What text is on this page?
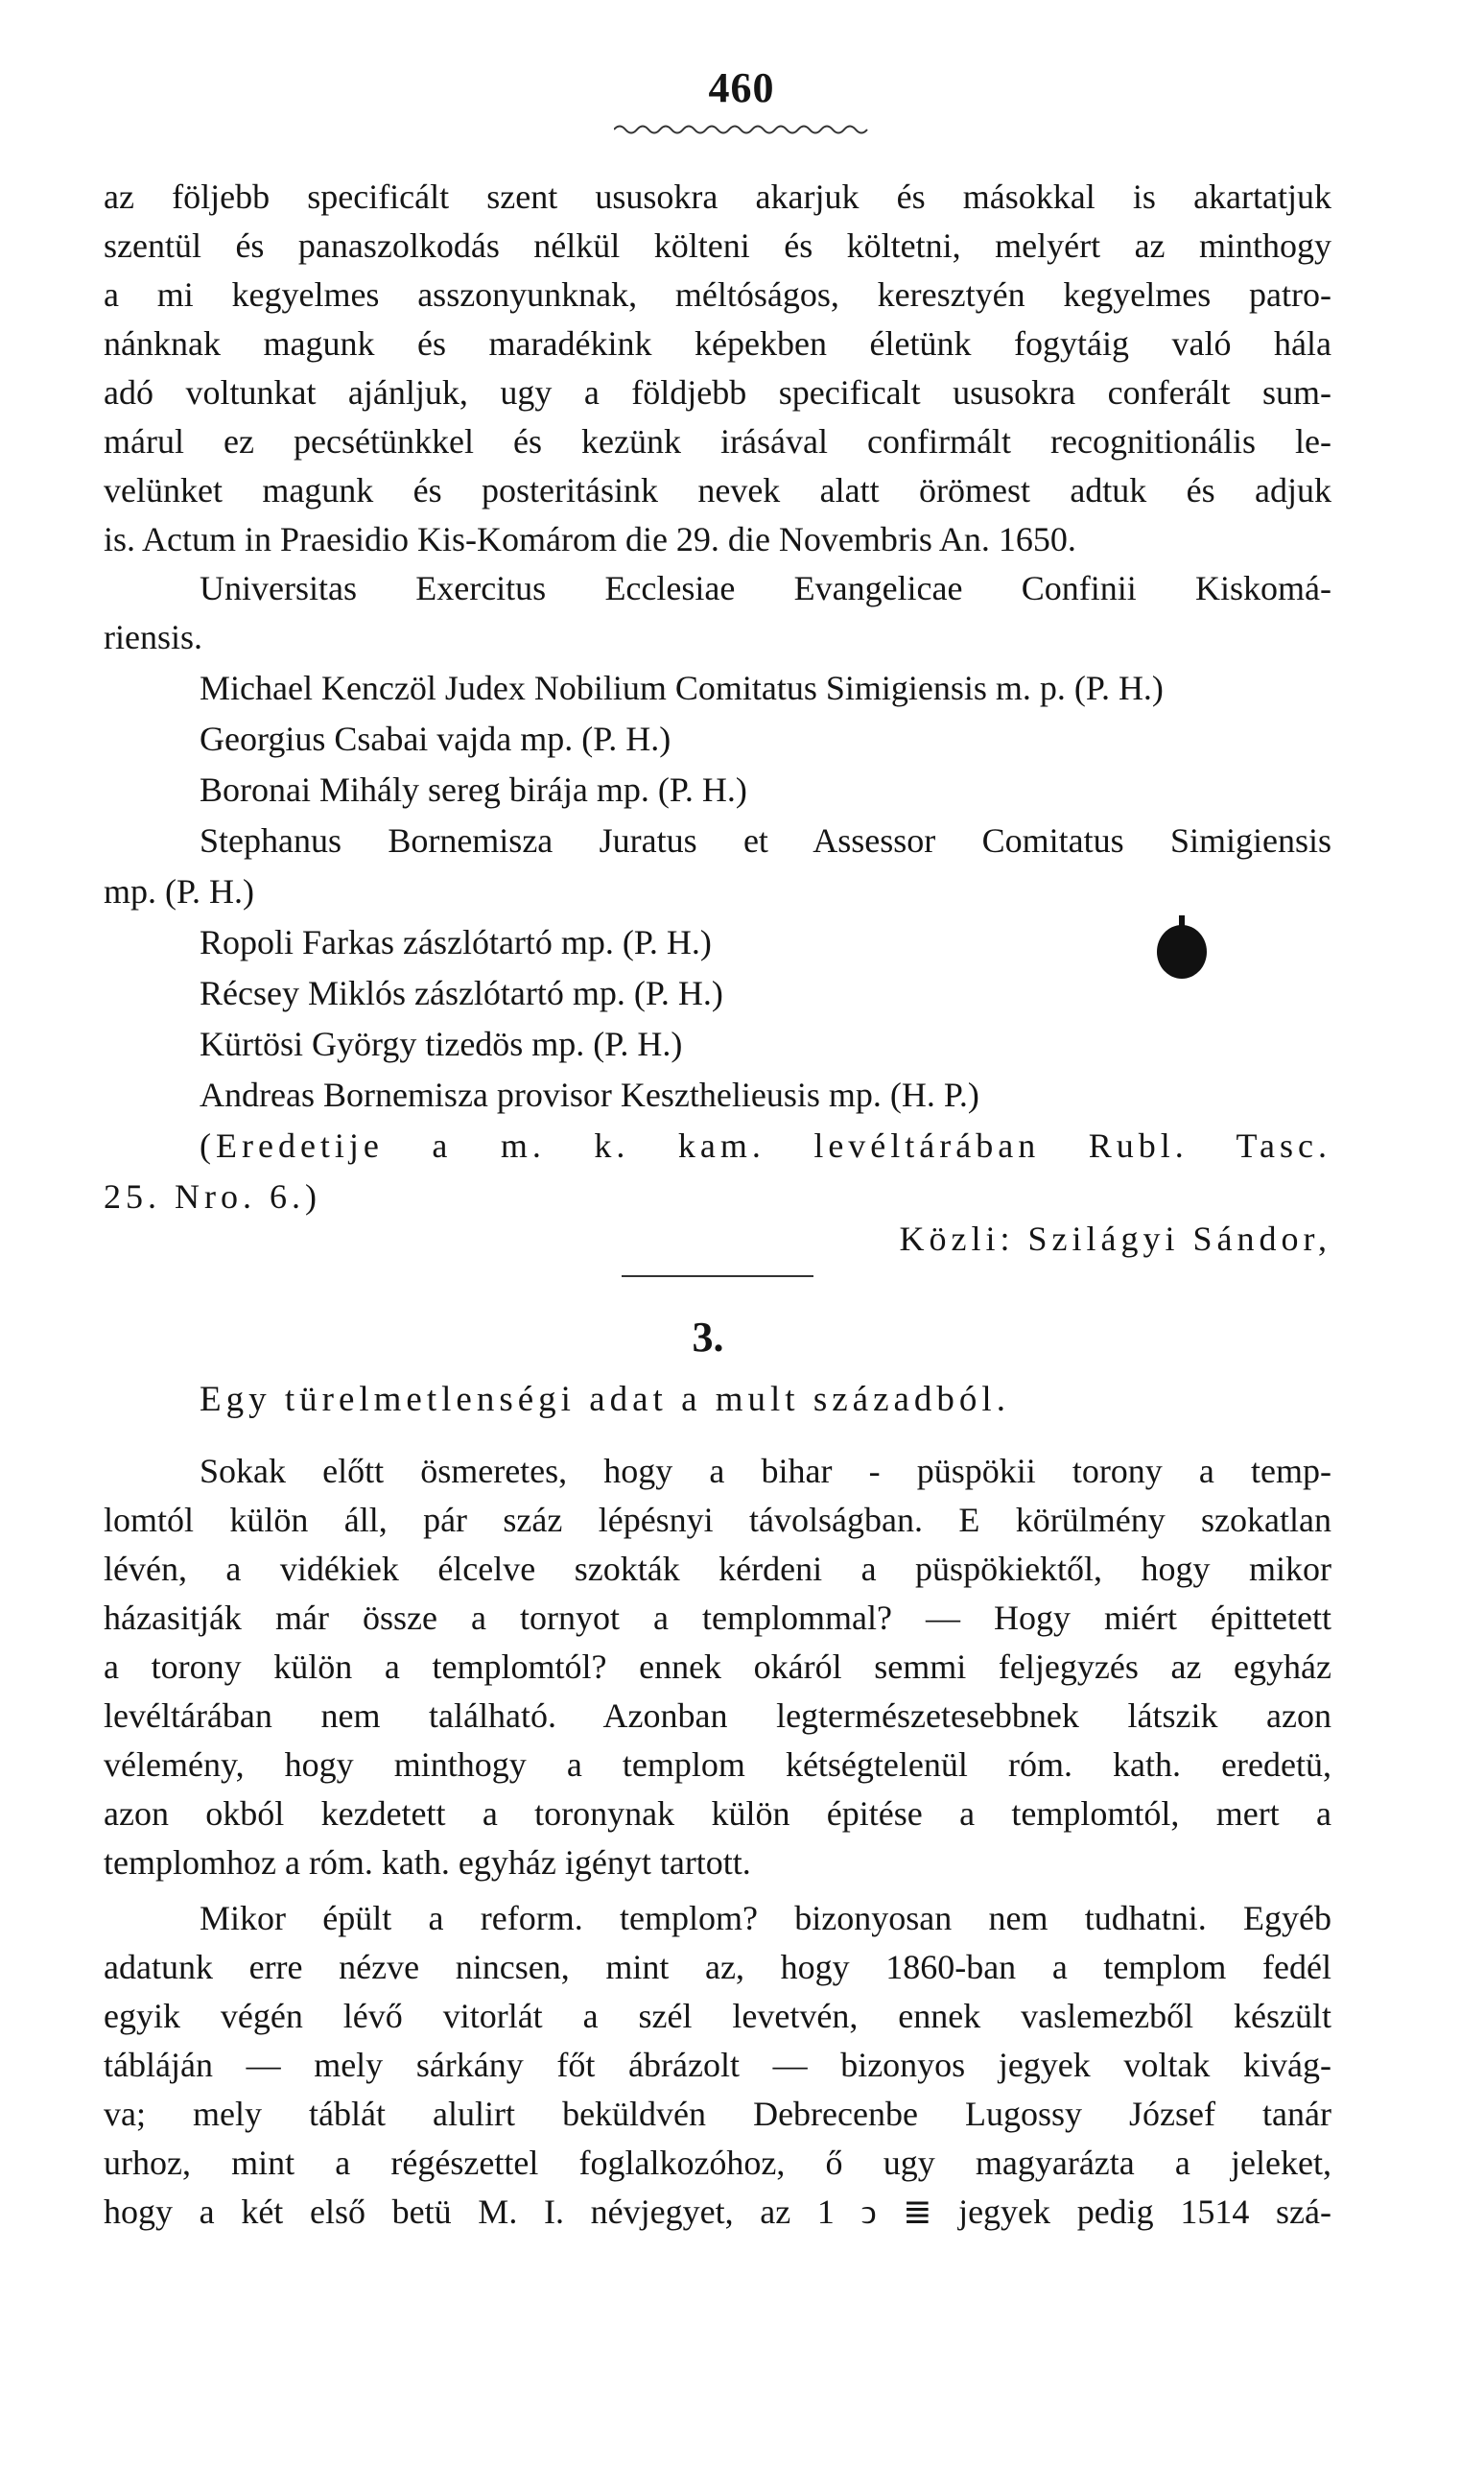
460
az följebb specificált szent ususokra akarjuk és másokkal is akartatjuk
szentül és panaszolkodás nélkül költeni és költetni, melyért az minthogy
a mi kegyelmes asszonyunknak, méltóságos, keresztyén kegyelmes patro-
nánknak magunk és maradékink képekben életünk fogytáig való hála
adó voltunkat ajánljuk, ugy a földjebb specificalt ususokra conferált sum-
márul ez pecsétünkkel és kezünk irásával confirmált recognitionális le-
velünket magunk és posteritásink nevek alatt örömest adtuk és adjuk
is. Actum in Praesidio Kis-Komárom die 29. die Novembris An. 1650.
Universitas Exercitus Ecclesiae Evangelicae Confinii Kiskomá-
riensis.
Michael Kenczöl Judex Nobilium Comitatus Simigiensis m. p. (P. H.)
Georgius Csabai vajda mp. (P. H.)
Boronai Mihály sereg birája mp. (P. H.)
Stephanus Bornemisza Juratus et Assessor Comitatus Simigiensis
mp. (P. H.)
Ropoli Farkas zászlótartó mp. (P. H.)
Récsey Miklós zászlótartó mp. (P. H.)
Kürtösi György tizedös mp. (P. H.)
Andreas Bornemisza provisor Keszthelieusis mp. (H. P.)
(Eredetije a m. k. kam. levéltárában Rubl. Tasc.
25. Nro. 6.)
Közli: Szilágyi Sándor,
3.
Egy türelmetlenségi adat a mult századból.
Sokak előtt ösmeretes, hogy a bihar - püspökii torony a temp-
lomtól külön áll, pár száz lépésnyi távolságban. E körülmény szokatlan
lévén, a vidékiek élcelve szokták kérdeni a püspökiektől, hogy mikor
házasitják már össze a tornyot a templommal? — Hogy miért épittetett
a torony külön a templomtól? ennek okáról semmi feljegyzés az egyház
levéltárában nem található. Azonban legtermészetesebbnek látszik azon
vélemény, hogy minthogy a templom kétségtelenül róm. kath. eredetü,
azon okból kezdetett a toronynak külön épitése a templomtól, mert a
templomhoz a róm. kath. egyház igényt tartott.
Mikor épült a reform. templom? bizonyosan nem tudhatni. Egyéb
adatunk erre nézve nincsen, mint az, hogy 1860-ban a templom fedél
egyik végén lévő vitorlát a szél levetvén, ennek vaslemezből készült
tábláján — mely sárkány főt ábrázolt — bizonyos jegyek voltak kivág-
va; mely táblát alulirt beküldvén Debrecenbe Lugossy József tanár
urhoz, mint a régészettel foglalkozóhoz, ő ugy magyarázta a jeleket,
hogy a két első betü M. I. névjegyet, az 1 ↄ ≣ jegyek pedig 1514 szá-
